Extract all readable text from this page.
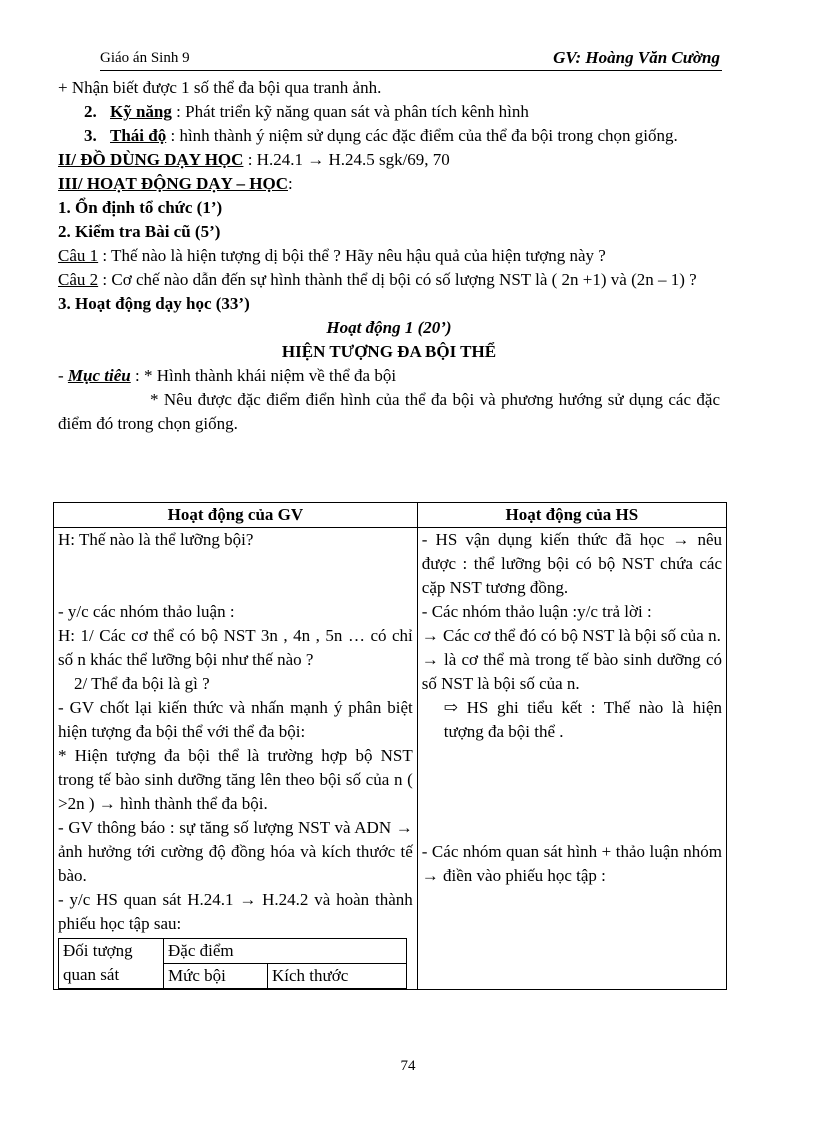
Giáo án Sinh 9	GV: Hoàng Văn Cường
+ Nhận biết được 1 số thể đa bội qua tranh ảnh.
2. Kỹ năng : Phát triển kỹ năng quan sát và phân tích kênh hình
3. Thái độ : hình thành ý niệm sử dụng các đặc điểm của thể đa bội trong chọn giống.
II/ ĐỒ DÙNG DẠY HỌC : H.24.1 → H.24.5 sgk/69, 70
III/ HOẠT ĐỘNG DẠY – HỌC:
1. Ổn định tổ chức (1’)
2. Kiểm tra Bài cũ (5’)
Câu 1 : Thế nào là hiện tượng dị bội thể ? Hãy nêu hậu quả của hiện tượng này ?
Câu 2 : Cơ chế nào dẫn đến sự hình thành thể dị bội có số lượng NST là ( 2n +1) và (2n – 1) ?
3. Hoạt động dạy học (33’)
Hoạt động 1 (20’)
HIỆN TƯỢNG ĐA BỘI THỂ
- Mục tiêu : * Hình thành khái niệm về thể đa bội
* Nêu được đặc điểm điển hình của thể đa bội và phương hướng sử dụng các đặc điểm đó trong chọn giống.
Hoạt động của GV	Hoạt động của HS

H: Thế nào là thể lưỡng bội?

- y/c các nhóm thảo luận :

H: 1/ Các cơ thể có bộ NST 3n , 4n , 5n … có chỉ số n khác thể lưỡng bội như thế nào ?

2/ Thể đa bội là gì ?

- GV chốt lại kiến thức và nhấn mạnh ý phân biệt hiện tượng đa bội thể với thể đa bội:

* Hiện tượng đa bội thể là trường hợp bộ NST trong tế bào sinh dưỡng tăng lên theo bội số của n ( >2n ) → hình thành thể đa bội.

- GV thông báo : sự tăng số lượng NST và ADN → ảnh hưởng tới cường độ đồng hóa và kích thước tế bào.

- y/c HS quan sát H.24.1 → H.24.2 và hoàn thành phiếu học tập sau:

Đối tượng quan sát	Đặc điểm
Mức bội	Kích thước

- HS vận dụng kiến thức đã học → nêu được : thể lưỡng bội có bộ NST chứa các cặp NST tương đồng.

- Các nhóm thảo luận :y/c trả lời :

→ Các cơ thể đó có bộ NST là bội số của n.

→ là cơ thể mà trong tế bào sinh dưỡng có số NST là bội số của n.

⇨ HS ghi tiểu kết : Thế nào là hiện tượng đa bội thể .

- Các nhóm quan sát hình + thảo luận nhóm → điền vào phiếu học tập :

74
